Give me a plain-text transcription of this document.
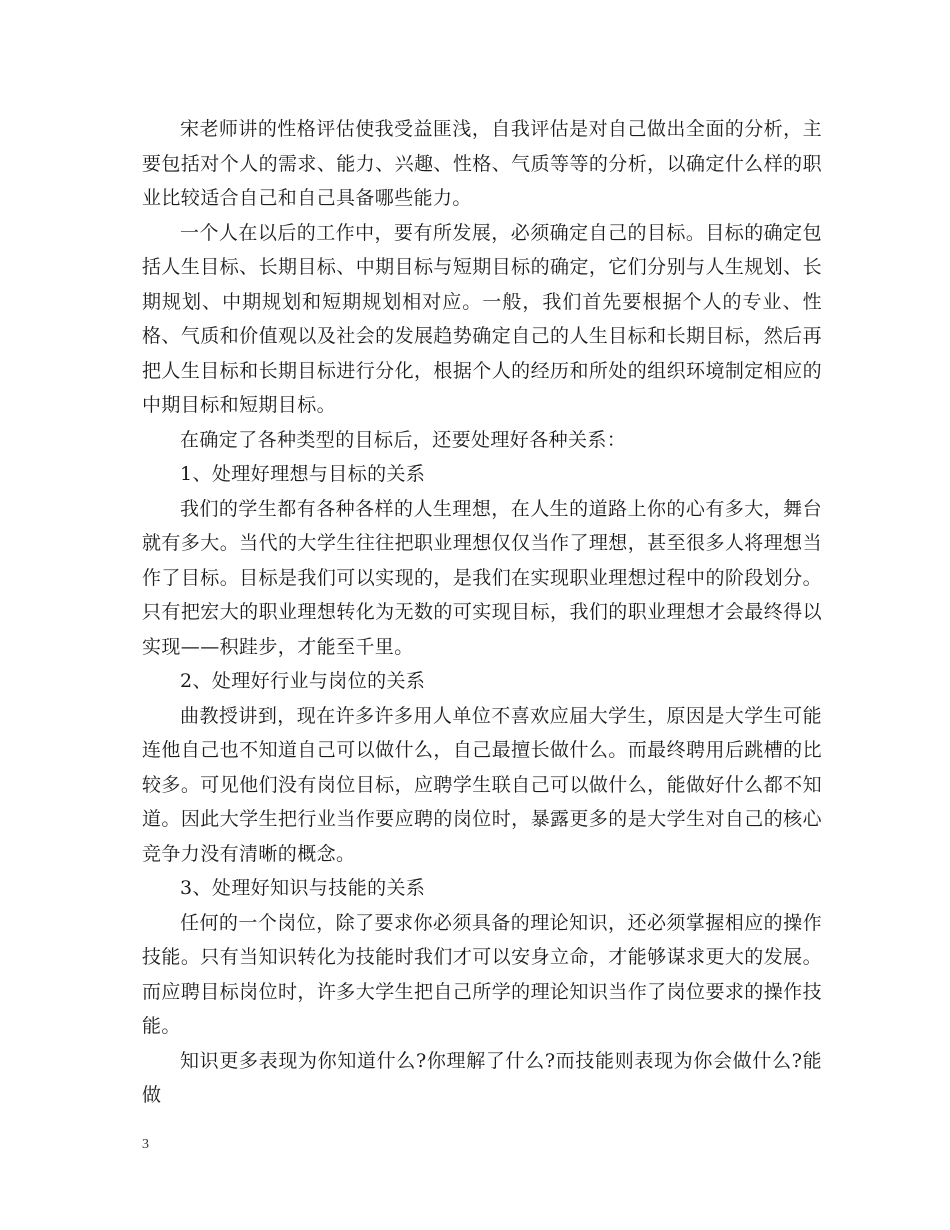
宋老师讲的性格评估使我受益匪浅，自我评估是对自己做出全面的分析，主要包括对个人的需求、能力、兴趣、性格、气质等等的分析，以确定什么样的职业比较适合自己和自己具备哪些能力。

一个人在以后的工作中，要有所发展，必须确定自己的目标。目标的确定包括人生目标、长期目标、中期目标与短期目标的确定，它们分别与人生规划、长期规划、中期规划和短期规划相对应。一般，我们首先要根据个人的专业、性格、气质和价值观以及社会的发展趋势确定自己的人生目标和长期目标，然后再把人生目标和长期目标进行分化，根据个人的经历和所处的组织环境制定相应的中期目标和短期目标。

在确定了各种类型的目标后，还要处理好各种关系：

1、处理好理想与目标的关系

我们的学生都有各种各样的人生理想，在人生的道路上你的心有多大，舞台就有多大。当代的大学生往往把职业理想仅仅当作了理想，甚至很多人将理想当作了目标。目标是我们可以实现的，是我们在实现职业理想过程中的阶段划分。只有把宏大的职业理想转化为无数的可实现目标，我们的职业理想才会最终得以实现——积跬步，才能至千里。

2、处理好行业与岗位的关系

曲教授讲到，现在许多许多用人单位不喜欢应届大学生，原因是大学生可能连他自己也不知道自己可以做什么，自己最擅长做什么。而最终聘用后跳槽的比较多。可见他们没有岗位目标，应聘学生联自己可以做什么，能做好什么都不知道。因此大学生把行业当作要应聘的岗位时，暴露更多的是大学生对自己的核心竞争力没有清晰的概念。

3、处理好知识与技能的关系

任何的一个岗位，除了要求你必须具备的理论知识，还必须掌握相应的操作技能。只有当知识转化为技能时我们才可以安身立命，才能够谋求更大的发展。而应聘目标岗位时，许多大学生把自己所学的理论知识当作了岗位要求的操作技能。

知识更多表现为你知道什么?你理解了什么?而技能则表现为你会做什么?能做

3
